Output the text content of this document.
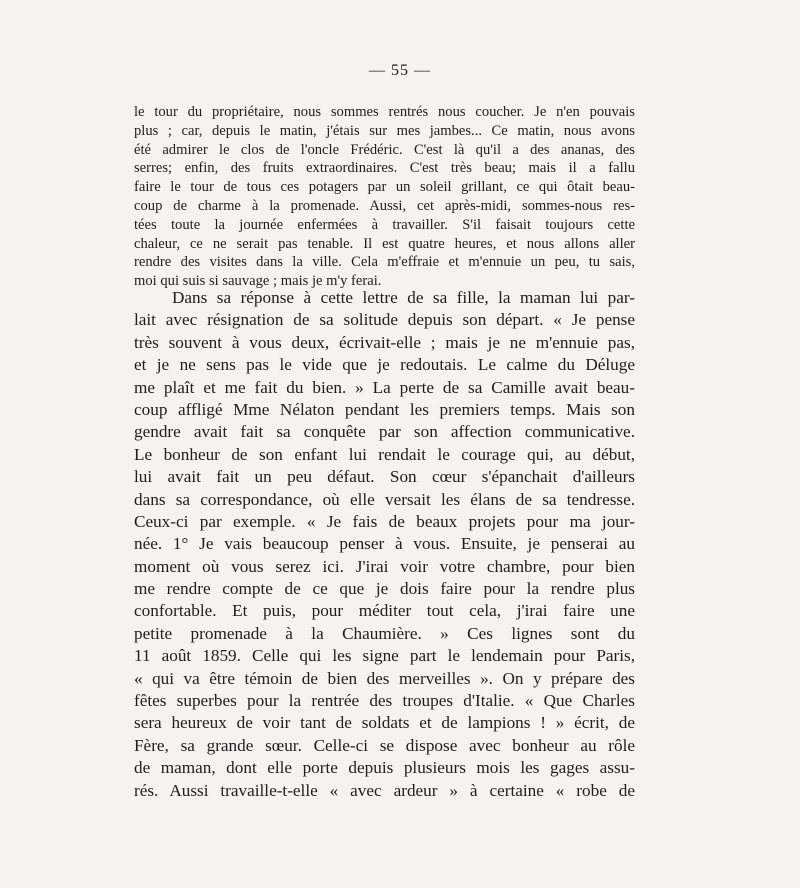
— 55 —
le tour du propriétaire, nous sommes rentrés nous coucher. Je n'en pouvais
plus ; car, depuis le matin, j'étais sur mes jambes... Ce matin, nous avons
été admirer le clos de l'oncle Frédéric. C'est là qu'il a des ananas, des
serres; enfin, des fruits extraordinaires. C'est très beau; mais il a fallu
faire le tour de tous ces potagers par un soleil grillant, ce qui ôtait beau-
coup de charme à la promenade. Aussi, cet après-midi, sommes-nous res-
tées toute la journée enfermées à travailler. S'il faisait toujours cette
chaleur, ce ne serait pas tenable. Il est quatre heures, et nous allons aller
rendre des visites dans la ville. Cela m'effraie et m'ennuie un peu, tu sais,
moi qui suis si sauvage ; mais je m'y ferai.
Dans sa réponse à cette lettre de sa fille, la maman lui par-
lait avec résignation de sa solitude depuis son départ. « Je pense
très souvent à vous deux, écrivait-elle ; mais je ne m'ennuie pas,
et je ne sens pas le vide que je redoutais. Le calme du Déluge
me plaît et me fait du bien. » La perte de sa Camille avait beau-
coup affligé Mme Nélaton pendant les premiers temps. Mais son
gendre avait fait sa conquête par son affection communicative.
Le bonheur de son enfant lui rendait le courage qui, au début,
lui avait fait un peu défaut. Son cœur s'épanchait d'ailleurs
dans sa correspondance, où elle versait les élans de sa tendresse.
Ceux-ci par exemple. « Je fais de beaux projets pour ma jour-
née. 1° Je vais beaucoup penser à vous. Ensuite, je penserai au
moment où vous serez ici. J'irai voir votre chambre, pour bien
me rendre compte de ce que je dois faire pour la rendre plus
confortable. Et puis, pour méditer tout cela, j'irai faire une
petite promenade à la Chaumière. » Ces lignes sont du
11 août 1859. Celle qui les signe part le lendemain pour Paris,
« qui va être témoin de bien des merveilles ». On y prépare des
fêtes superbes pour la rentrée des troupes d'Italie. « Que Charles
sera heureux de voir tant de soldats et de lampions ! » écrit, de
Fère, sa grande sœur. Celle-ci se dispose avec bonheur au rôle
de maman, dont elle porte depuis plusieurs mois les gages assu-
rés. Aussi travaille-t-elle « avec ardeur » à certaine « robe de
